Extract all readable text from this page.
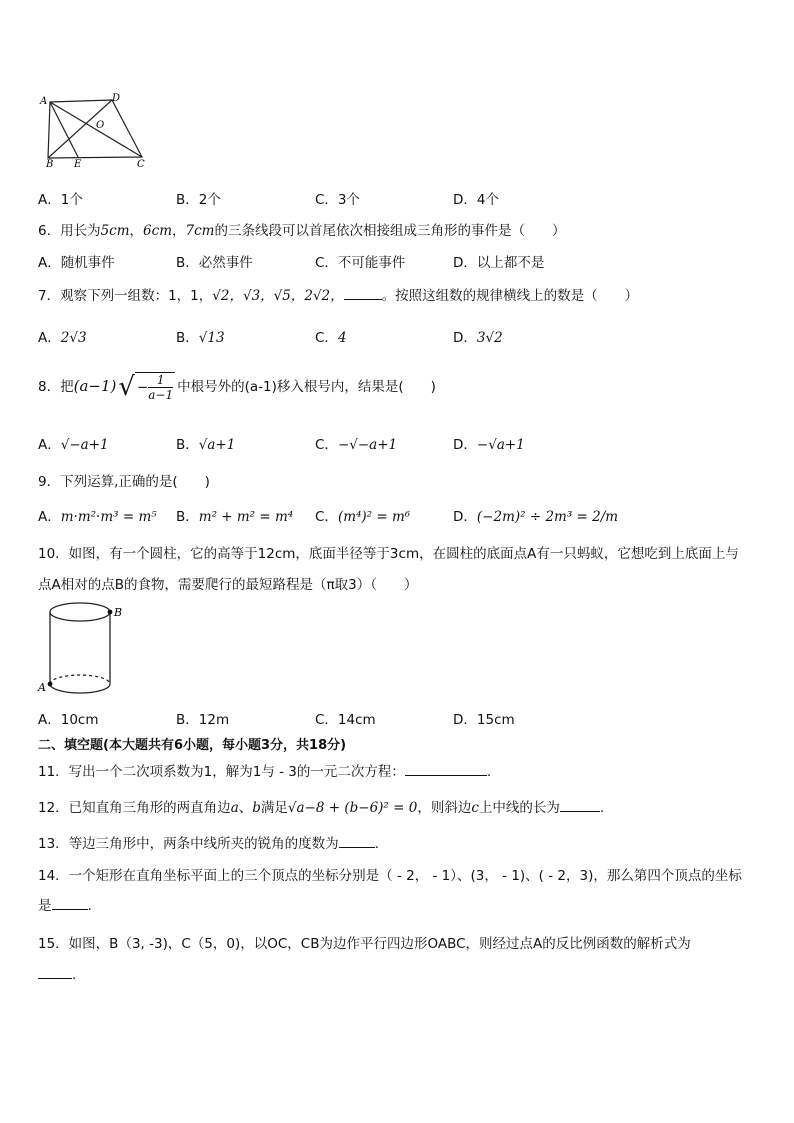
A	D
O
B E	C
A．1个	B．2个	C．3个	D．4个
6．用长为5cm，6cm，7cm的三条线段可以首尾依次相接组成三角形的事件是（　　）
A．随机事件	B．必然事件	C．不可能事件	D．以上都不是
7．观察下列一组数：1，1，√2，√3，√5，2√2，	。按照这组数的规律横线上的数是（　　）
A．2√3	B．√13	C．4	D．3√2
8．把$(a-1)√ - \frac{1}{a-1}$ 中根号外的(a-1)移入根号内，结果是(　　)
A．√−a+1	B．√a+1	C．−√−a+1	D．−√a+1
9．下列运算,正确的是(　　)
A．m·m²·m³ = m⁵ B．m² + m² = m⁴ C．(m⁴)² = m⁶	D．(−2m)² ÷ 2m³ = 2/m
10．如图，有一个圆柱，它的高等于12cm，底面半径等于3cm，在圆柱的底面点A有一只蚂蚁，它想吃到上底面上与
点A相对的点B的食物，需要爬行的最短路程是（π取3）（　　）
B
A
A．10cm	B．12m	C．14cm	D．15cm
二、填空题(本大题共有6小题，每小题3分，共18分)
11．写出一个二次项系数为1，解为1与 - 3的一元二次方程：	.
12．已知直角三角形的两直角边a、b满足√a−8 + (b−6)² = 0，则斜边c上中线的长为	.
13．等边三角形中，两条中线所夹的锐角的度数为	.
14．一个矩形在直角坐标平面上的三个顶点的坐标分别是（ - 2， - 1）、(3， - 1)、( - 2，3)，那么第四个顶点的坐标
是	.
15．如图，B（3, -3)，C（5，0)，以OC，CB为边作平行四边形OABC，则经过点A的反比例函数的解析式为
.
